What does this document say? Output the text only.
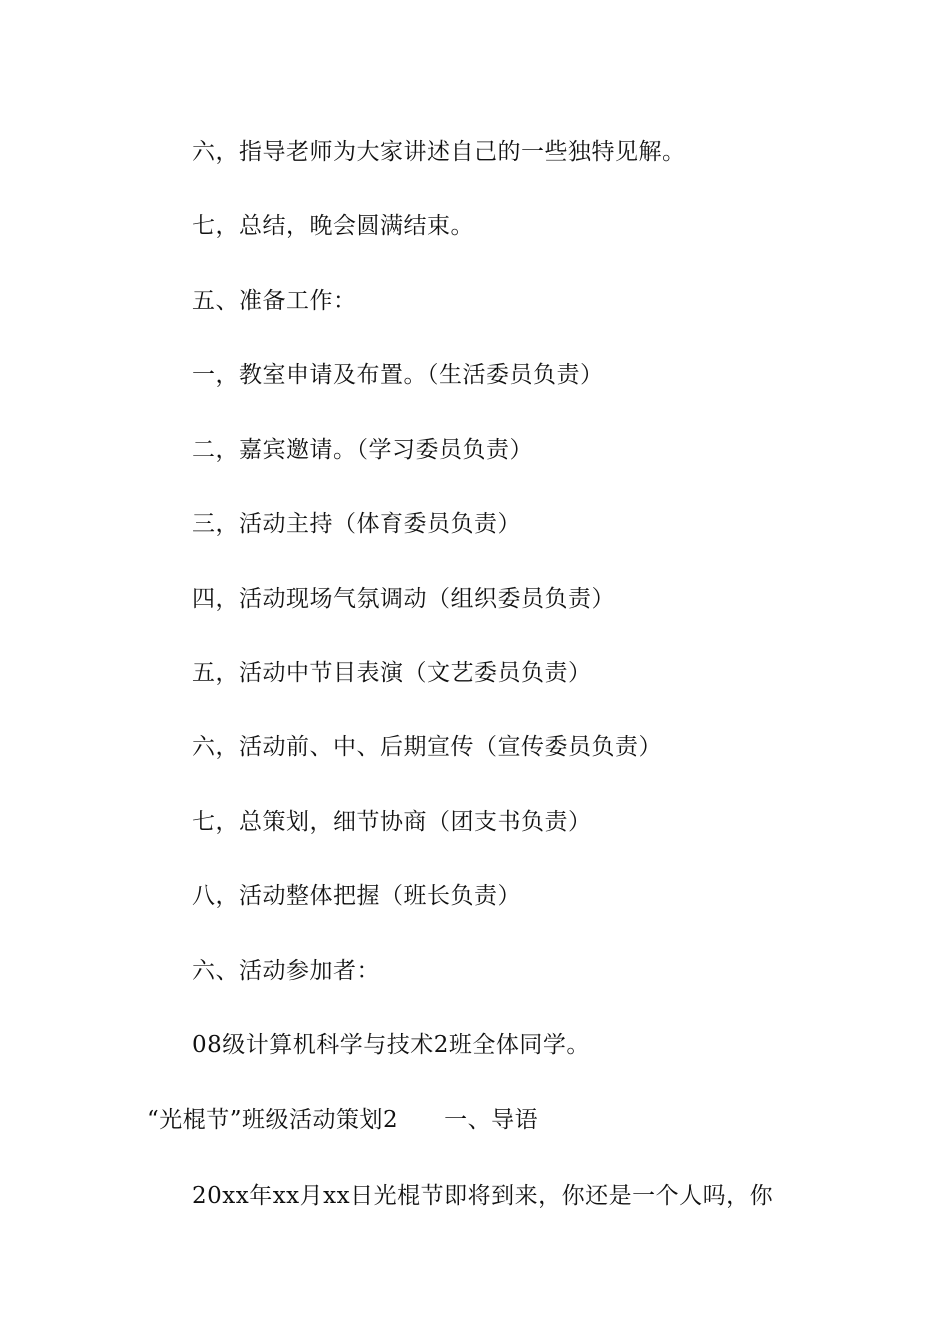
六，指导老师为大家讲述自己的一些独特见解。
七，总结，晚会圆满结束。
五、准备工作：
一，教室申请及布置。（生活委员负责）
二，嘉宾邀请。（学习委员负责）
三，活动主持（体育委员负责）
四，活动现场气氛调动（组织委员负责）
五，活动中节目表演（文艺委员负责）
六，活动前、中、后期宣传（宣传委员负责）
七，总策划，细节协商（团支书负责）
八，活动整体把握（班长负责）
六、活动参加者：
08级计算机科学与技术2班全体同学。
“光棍节”班级活动策划2 一、导语
20xx年xx月xx日光棍节即将到来，你还是一个人吗，你
